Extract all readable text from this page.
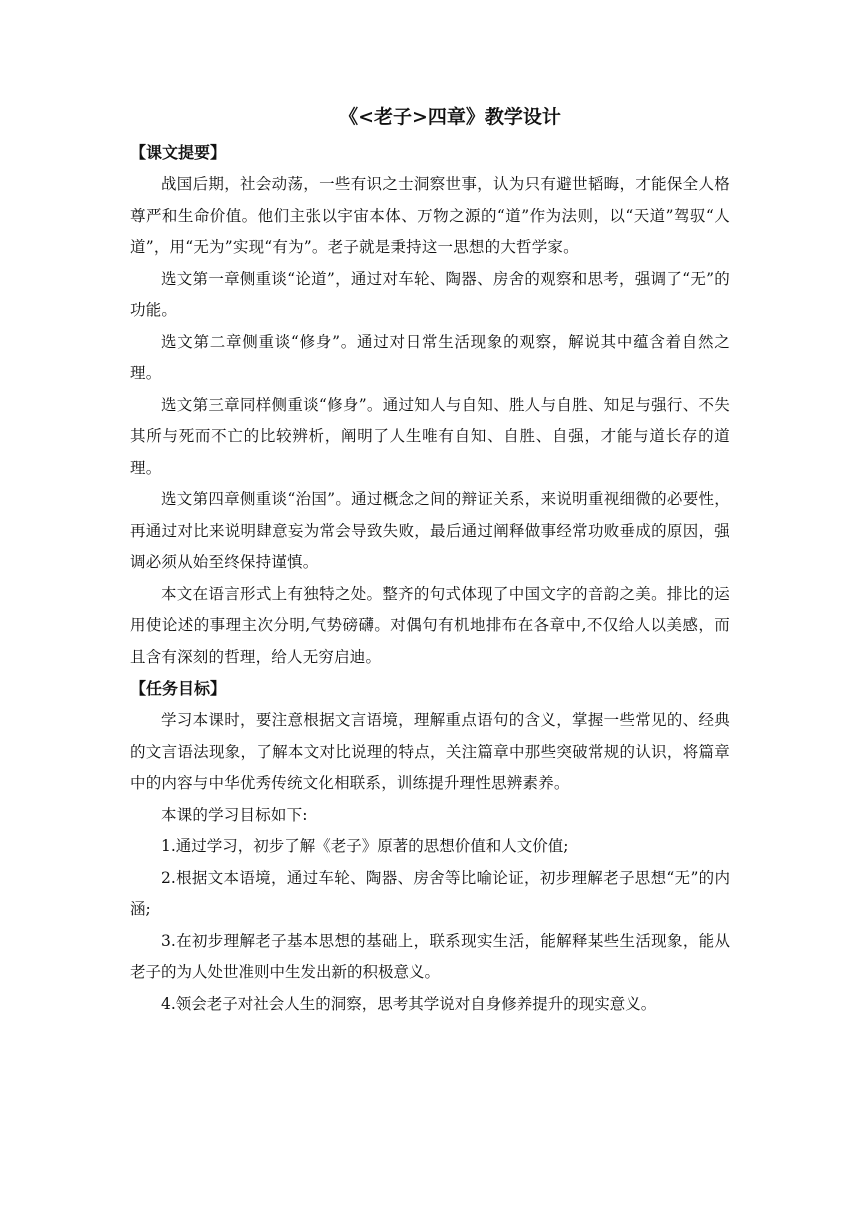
《<老子>四章》教学设计

【课文提要】

战国后期，社会动荡，一些有识之士洞察世事，认为只有避世韬晦，才能保全人格尊严和生命价值。他们主张以宇宙本体、万物之源的“道”作为法则，以“天道”驾驭“人道”，用“无为”实现“有为”。老子就是秉持这一思想的大哲学家。

选文第一章侧重谈“论道”，通过对车轮、陶器、房舍的观察和思考，强调了“无”的功能。

选文第二章侧重谈“修身”。通过对日常生活现象的观察，解说其中蕴含着自然之理。

选文第三章同样侧重谈“修身”。通过知人与自知、胜人与自胜、知足与强行、不失其所与死而不亡的比较辨析，阐明了人生唯有自知、自胜、自强，才能与道长存的道理。

选文第四章侧重谈“治国”。通过概念之间的辩证关系，来说明重视细微的必要性，再通过对比来说明肆意妄为常会导致失败，最后通过阐释做事经常功败垂成的原因，强调必须从始至终保持谨慎。

本文在语言形式上有独特之处。整齐的句式体现了中国文字的音韵之美。排比的运用使论述的事理主次分明,气势磅礴。对偶句有机地排布在各章中,不仅给人以美感，而且含有深刻的哲理，给人无穷启迪。

【任务目标】

学习本课时，要注意根据文言语境，理解重点语句的含义，掌握一些常见的、经典的文言语法现象，了解本文对比说理的特点，关注篇章中那些突破常规的认识，将篇章中的内容与中华优秀传统文化相联系，训练提升理性思辨素养。

本课的学习目标如下:

1.通过学习，初步了解《老子》原著的思想价值和人文价值;

2.根据文本语境，通过车轮、陶器、房舍等比喻论证，初步理解老子思想“无”的内涵;

3.在初步理解老子基本思想的基础上，联系现实生活，能解释某些生活现象，能从老子的为人处世准则中生发出新的积极意义。

4.领会老子对社会人生的洞察，思考其学说对自身修养提升的现实意义。
